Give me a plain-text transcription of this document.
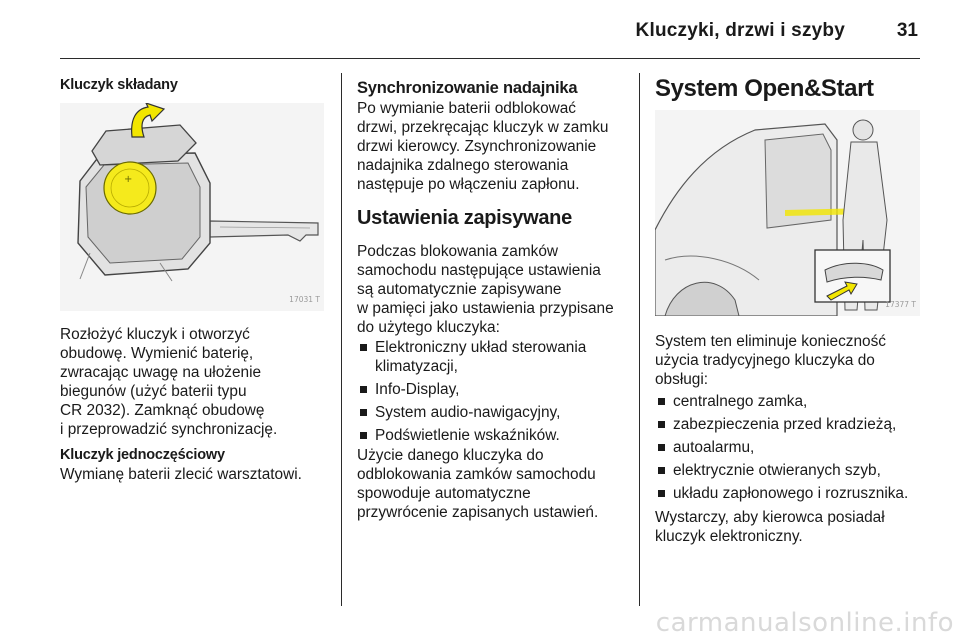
Kluczyki, drzwi i szyby	31
Kluczyk składany
+
17031 T
Rozłożyć kluczyk i otworzyć
obudowę. Wymienić baterię,
zwracając uwagę na ułożenie
biegunów (użyć baterii typu
CR 2032). Zamknąć obudowę
i przeprowadzić synchronizację.
Kluczyk jednoczęściowy
Wymianę baterii zlecić warsztatowi.
Synchronizowanie nadajnika
Po wymianie baterii odblokować
drzwi, przekręcając kluczyk w zamku
drzwi kierowcy. Zsynchronizowanie
nadajnika zdalnego sterowania
następuje po włączeniu zapłonu.
Ustawienia zapisywane
Podczas blokowania zamków
samochodu następujące ustawienia
są automatycznie zapisywane
w pamięci jako ustawienia przypisane
do użytego kluczyka:
Elektroniczny układ sterowania
klimatyzacji,
Info-Display,
System audio-nawigacyjny,
Podświetlenie wskaźników.
Użycie danego kluczyka do
odblokowania zamków samochodu
spowoduje automatyczne
przywrócenie zapisanych ustawień.
System Open&Start
17377 T
System ten eliminuje konieczność
użycia tradycyjnego kluczyka do
obsługi:
centralnego zamka,
zabezpieczenia przed kradzieżą,
autoalarmu,
elektrycznie otwieranych szyb,
układu zapłonowego i rozrusznika.
Wystarczy, aby kierowca posiadał
kluczyk elektroniczny.
carmanualsonline.info
